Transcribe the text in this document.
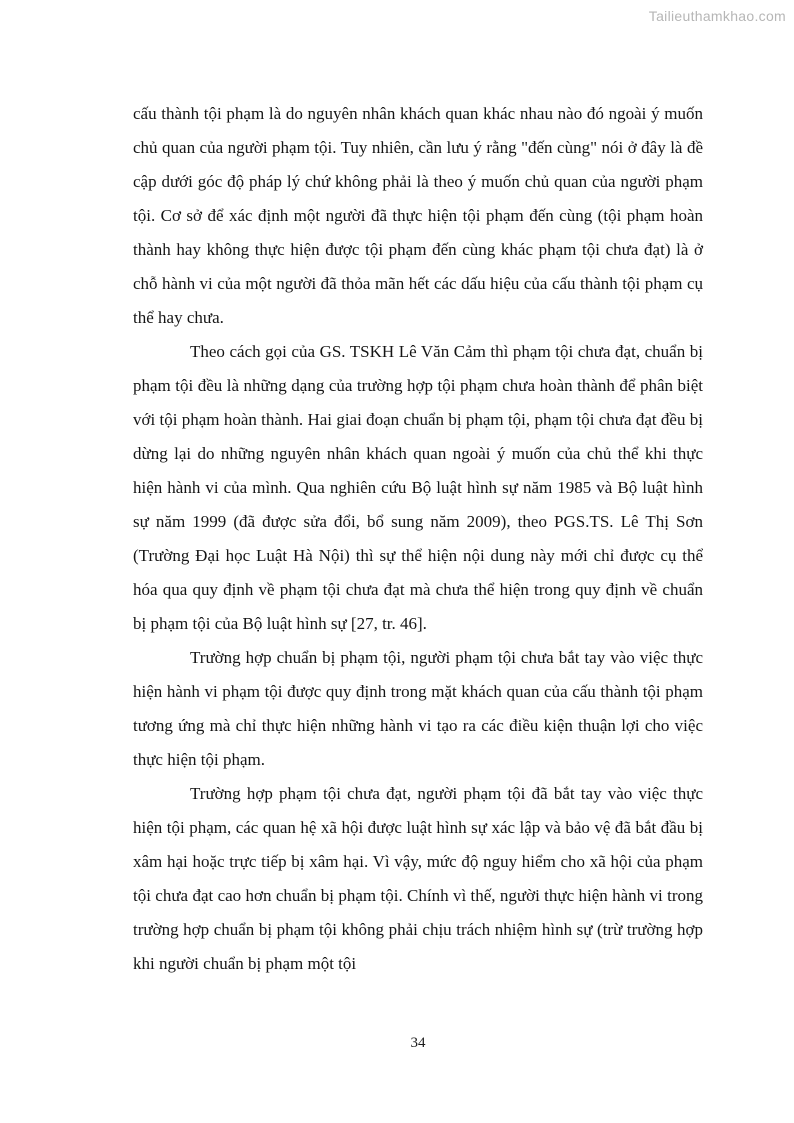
Tailieuthamkhao.com

cấu thành tội phạm là do nguyên nhân khách quan khác nhau nào đó ngoài ý muốn chủ quan của người phạm tội. Tuy nhiên, cần lưu ý rằng "đến cùng" nói ở đây là đề cập dưới góc độ pháp lý chứ không phải là theo ý muốn chủ quan của người phạm tội. Cơ sở để xác định một người đã thực hiện tội phạm đến cùng (tội phạm hoàn thành hay không thực hiện được tội phạm đến cùng khác phạm tội chưa đạt) là ở chỗ hành vi của một người đã thỏa mãn hết các dấu hiệu của cấu thành tội phạm cụ thể hay chưa.

Theo cách gọi của GS. TSKH Lê Văn Cảm thì phạm tội chưa đạt, chuẩn bị phạm tội đều là những dạng của trường hợp tội phạm chưa hoàn thành để phân biệt với tội phạm hoàn thành. Hai giai đoạn chuẩn bị phạm tội, phạm tội chưa đạt đều bị dừng lại do những nguyên nhân khách quan ngoài ý muốn của chủ thể khi thực hiện hành vi của mình. Qua nghiên cứu Bộ luật hình sự năm 1985 và Bộ luật hình sự năm 1999 (đã được sửa đổi, bổ sung năm 2009), theo PGS.TS. Lê Thị Sơn (Trường Đại học Luật Hà Nội) thì sự thể hiện nội dung này mới chỉ được cụ thể hóa qua quy định về phạm tội chưa đạt mà chưa thể hiện trong quy định về chuẩn bị phạm tội của Bộ luật hình sự [27, tr. 46].

Trường hợp chuẩn bị phạm tội, người phạm tội chưa bắt tay vào việc thực hiện hành vi phạm tội được quy định trong mặt khách quan của cấu thành tội phạm tương ứng mà chỉ thực hiện những hành vi tạo ra các điều kiện thuận lợi cho việc thực hiện tội phạm.

Trường hợp phạm tội chưa đạt, người phạm tội đã bắt tay vào việc thực hiện tội phạm, các quan hệ xã hội được luật hình sự xác lập và bảo vệ đã bắt đầu bị xâm hại hoặc trực tiếp bị xâm hại. Vì vậy, mức độ nguy hiểm cho xã hội của phạm tội chưa đạt cao hơn chuẩn bị phạm tội. Chính vì thế, người thực hiện hành vi trong trường hợp chuẩn bị phạm tội không phải chịu trách nhiệm hình sự (trừ trường hợp khi người chuẩn bị phạm một tội

34
